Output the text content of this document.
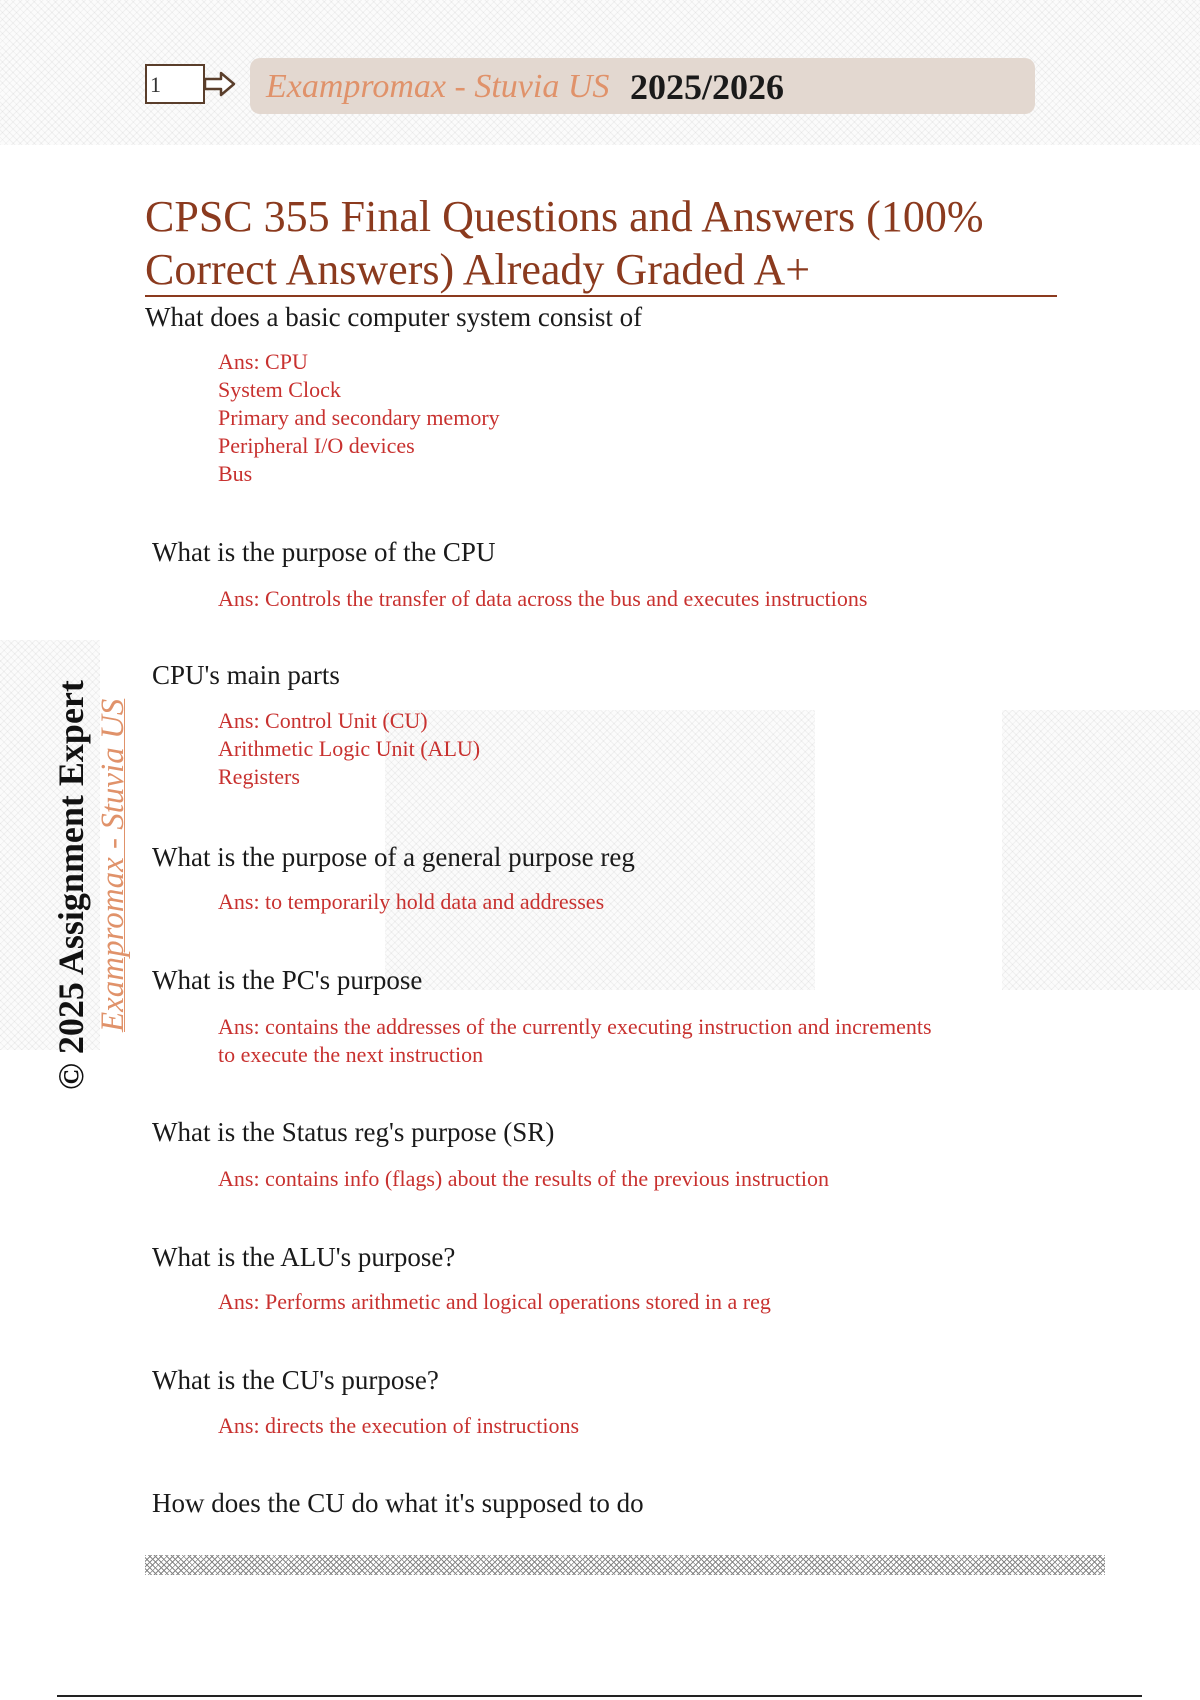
1	Exampromax - Stuvia US 2025/2026
CPSC 355 Final Questions and Answers (100% Correct Answers) Already Graded A+

What does a basic computer system consist of

Ans: CPU
System Clock
Primary and secondary memory
Peripheral I/O devices
Bus

What is the purpose of the CPU

Ans: Controls the transfer of data across the bus and executes instructions

CPU's main parts

Ans: Control Unit (CU)
Arithmetic Logic Unit (ALU)
Registers

What is the purpose of a general purpose reg

Ans: to temporarily hold data and addresses

What is the PC's purpose

Ans: contains the addresses of the currently executing instruction and increments
to execute the next instruction

What is the Status reg's purpose (SR)

Ans: contains info (flags) about the results of the previous instruction

What is the ALU's purpose?

Ans: Performs arithmetic and logical operations stored in a reg

What is the CU's purpose?

Ans: directs the execution of instructions

How does the CU do what it's supposed to do

© 2025 Assignment Expert Exampromax - Stuvia US
